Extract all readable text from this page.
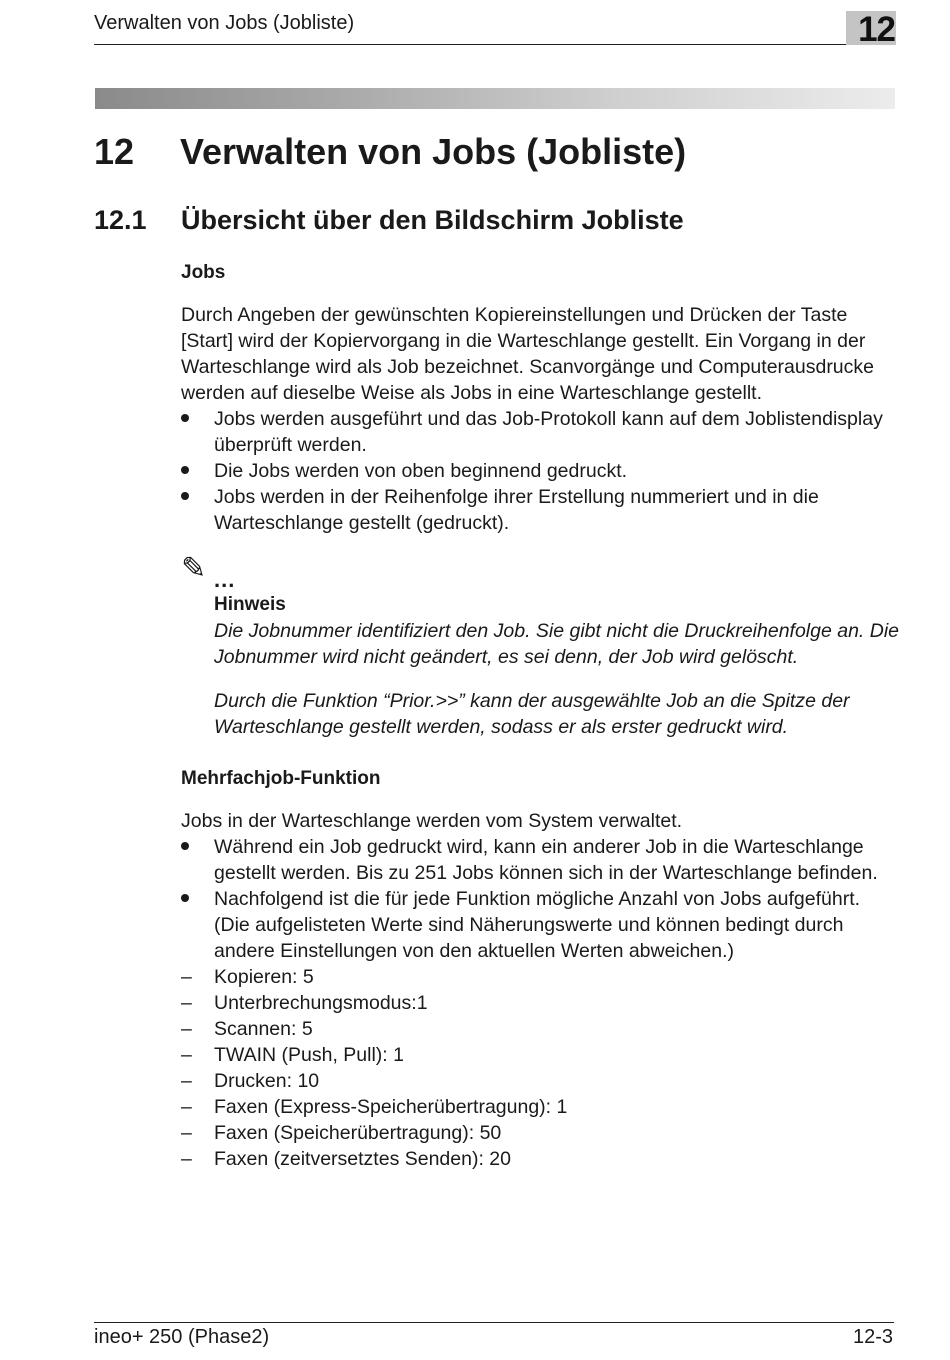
Verwalten von Jobs (Jobliste)	12
12 Verwalten von Jobs (Jobliste)
12.1 Übersicht über den Bildschirm Jobliste

Jobs

Durch Angeben der gewünschten Kopiereinstellungen und Drücken der Taste [Start] wird der Kopiervorgang in die Warteschlange gestellt. Ein Vorgang in der Warteschlange wird als Job bezeichnet. Scanvorgänge und Computerausdrucke werden auf dieselbe Weise als Jobs in eine Warteschlange gestellt.

Jobs werden ausgeführt und das Job-Protokoll kann auf dem Joblistendisplay überprüft werden.
Die Jobs werden von oben beginnend gedruckt.
Jobs werden in der Reihenfolge ihrer Erstellung nummeriert und in die Warteschlange gestellt (gedruckt).
✎ ...

Hinweis

Die Jobnummer identifiziert den Job. Sie gibt nicht die Druckreihenfolge an. Die Jobnummer wird nicht geändert, es sei denn, der Job wird gelöscht.

Durch die Funktion “Prior.>>” kann der ausgewählte Job an die Spitze der Warteschlange gestellt werden, sodass er als erster gedruckt wird.

Mehrfachjob-Funktion

Jobs in der Warteschlange werden vom System verwaltet.

Während ein Job gedruckt wird, kann ein anderer Job in die Warteschlange gestellt werden. Bis zu 251 Jobs können sich in der Warteschlange befinden.
Nachfolgend ist die für jede Funktion mögliche Anzahl von Jobs aufgeführt. (Die aufgelisteten Werte sind Näherungswerte und können bedingt durch andere Einstellungen von den aktuellen Werten abweichen.)
–	Kopieren: 5
–	Unterbrechungsmodus:1
–	Scannen: 5
–	TWAIN (Push, Pull): 1
–	Drucken: 10
–	Faxen (Express-Speicherübertragung): 1
–	Faxen (Speicherübertragung): 50
–	Faxen (zeitversetztes Senden): 20
ineo+ 250 (Phase2)	12-3
